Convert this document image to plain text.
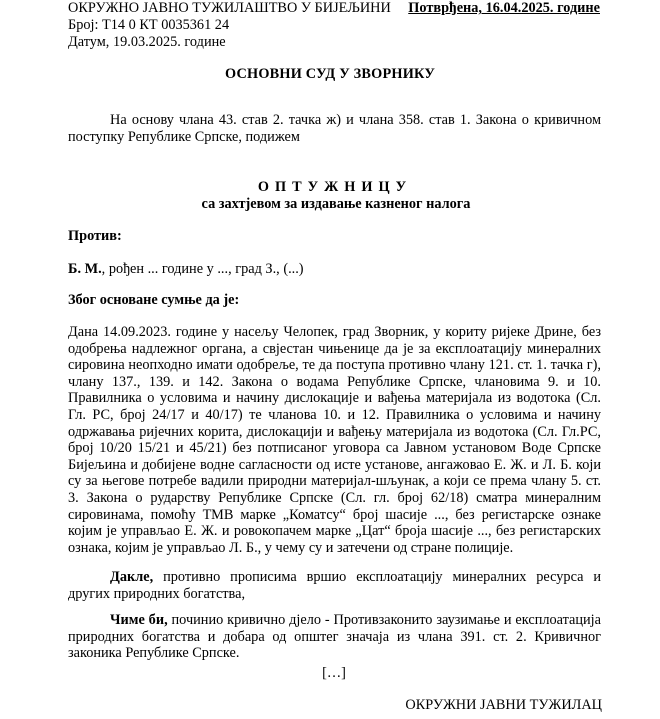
ОКРУЖНО ЈАВНО ТУЖИЛАШТВО У БИЈЕЉИНИ
Број: Т14 0 КТ 0035361 24
Датум, 19.03.2025. године
Потврђена, 16.04.2025. године
ОСНОВНИ СУД У ЗВОРНИКУ
На основу члана 43. став 2. тачка ж) и члана 358. став 1. Закона о кривичном поступку Републике Српске, подижем
ОПТУЖНИЦУ
са захтјевом за издавање казненог налога
Против:
Б. М., рођен ... године у ..., град З., (...)
Због основане сумње да је:
Дана 14.09.2023. године у насељу Челопек, град Зворник, у кориту ријеке Дрине, без одобрења надлежног органа, а свјестан чињенице да је за експлоатацију минералних сировина неопходно имати одобреље, те да поступа противно члану 121. ст. 1. тачка г), члану 137., 139. и 142. Закона о водама Републике Српске, члановима 9. и 10. Правилника о условима и начину дислокације и вађења материјала из водотока (Сл. Гл. РС, број 24/17 и 40/17) те чланова 10. и 12. Правилника о условима и начину одржавања ријечних корита, дислокацији и вађењу материјала из водотока (Сл. Гл.РС, број 10/20 15/21 и 45/21) без потписаног уговора са Јавном установом Воде Српске Бијељина и добијене водне сагласности од исте установе, ангажовао Е. Ж. и Л. Б. који су за његове потребе вадили природни материјал-шљунак, а који се према члану 5. ст. 3. Закона о рударству Републике Српске (Сл. гл. број 62/18) сматра минералним сировинама, помоћу ТМВ марке „Коматсу“ број шасије ..., без регистарске ознаке којим је управљао Е. Ж. и ровокопачем марке „Цат“ броја шасије ..., без регистарских ознака, којим је управљао Л. Б., у чему су и затечени од стране полиције.
Дакле, противно прописима вршио експлоатацију минералних ресурса и других природних богатства,
Чиме би, починио кривично дјело - Противзаконито заузимање и експлоатација природних богатства и добара од општег значаја из члана 391. ст. 2. Кривичног законика Републике Српске.
[…]
ОКРУЖНИ ЈАВНИ ТУЖИЛАЦ
